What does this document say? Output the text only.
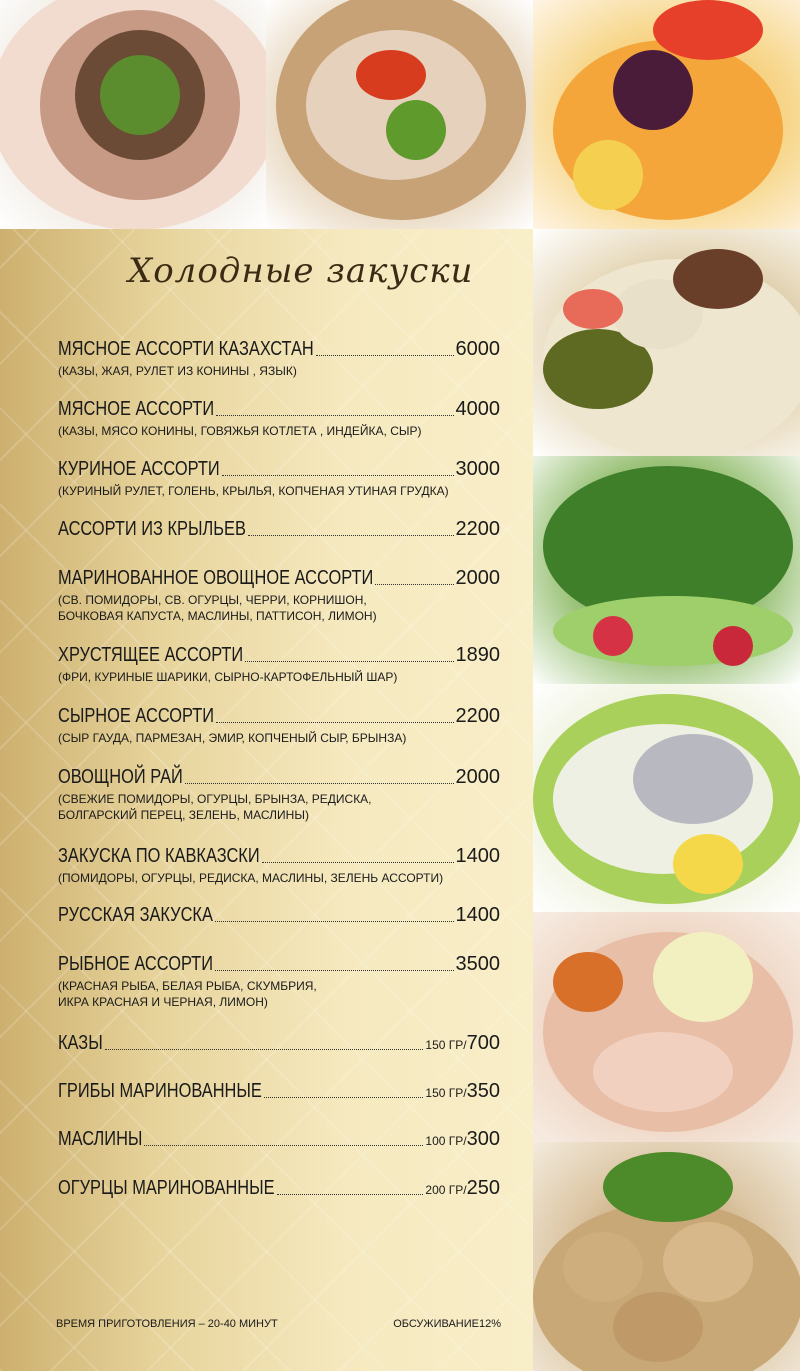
Холодные закуски
МЯСНОЕ АССОРТИ КАЗАХСТАН	6000
(КАЗЫ, ЖАЯ, РУЛЕТ ИЗ КОНИНЫ , ЯЗЫК)
МЯСНОЕ АССОРТИ	4000
(КАЗЫ, МЯСО КОНИНЫ, ГОВЯЖЬЯ КОТЛЕТА , ИНДЕЙКА, СЫР)
КУРИНОЕ АССОРТИ	3000
(КУРИНЫЙ РУЛЕТ, ГОЛЕНЬ, КРЫЛЬЯ, КОПЧЕНАЯ УТИНАЯ ГРУДКА)
АССОРТИ ИЗ КРЫЛЬЕВ	2200
МАРИНОВАННОЕ ОВОЩНОЕ АССОРТИ	2000
(СВ. ПОМИДОРЫ, СВ. ОГУРЦЫ, ЧЕРРИ, КОРНИШОН,
БОЧКОВАЯ КАПУСТА, МАСЛИНЫ, ПАТТИСОН, ЛИМОН)
ХРУСТЯЩЕЕ АССОРТИ	1890
(ФРИ, КУРИНЫЕ ШАРИКИ, СЫРНО-КАРТОФЕЛЬНЫЙ ШАР)
СЫРНОЕ АССОРТИ	2200
(СЫР ГАУДА, ПАРМЕЗАН, ЭМИР, КОПЧЕНЫЙ СЫР, БРЫНЗА)
ОВОЩНОЙ РАЙ	2000
(СВЕЖИЕ ПОМИДОРЫ, ОГУРЦЫ, БРЫНЗА, РЕДИСКА,
БОЛГАРСКИЙ ПЕРЕЦ, ЗЕЛЕНЬ, МАСЛИНЫ)
ЗАКУСКА ПО КАВКАЗСКИ	1400
(ПОМИДОРЫ, ОГУРЦЫ, РЕДИСКА, МАСЛИНЫ, ЗЕЛЕНЬ АССОРТИ)
РУССКАЯ ЗАКУСКА	1400
РЫБНОЕ АССОРТИ	3500
(КРАСНАЯ РЫБА, БЕЛАЯ РЫБА, СКУМБРИЯ,
ИКРА КРАСНАЯ И ЧЕРНАЯ, ЛИМОН)
КАЗЫ	150 ГР/ 700
ГРИБЫ МАРИНОВАННЫЕ	150 ГР/ 350
МАСЛИНЫ	100 ГР/ 300
ОГУРЦЫ МАРИНОВАННЫЕ	200 ГР/ 250
ВРЕМЯ ПРИГОТОВЛЕНИЯ – 20-40 МИНУТ	ОБСУЖИВАНИЕ12%
